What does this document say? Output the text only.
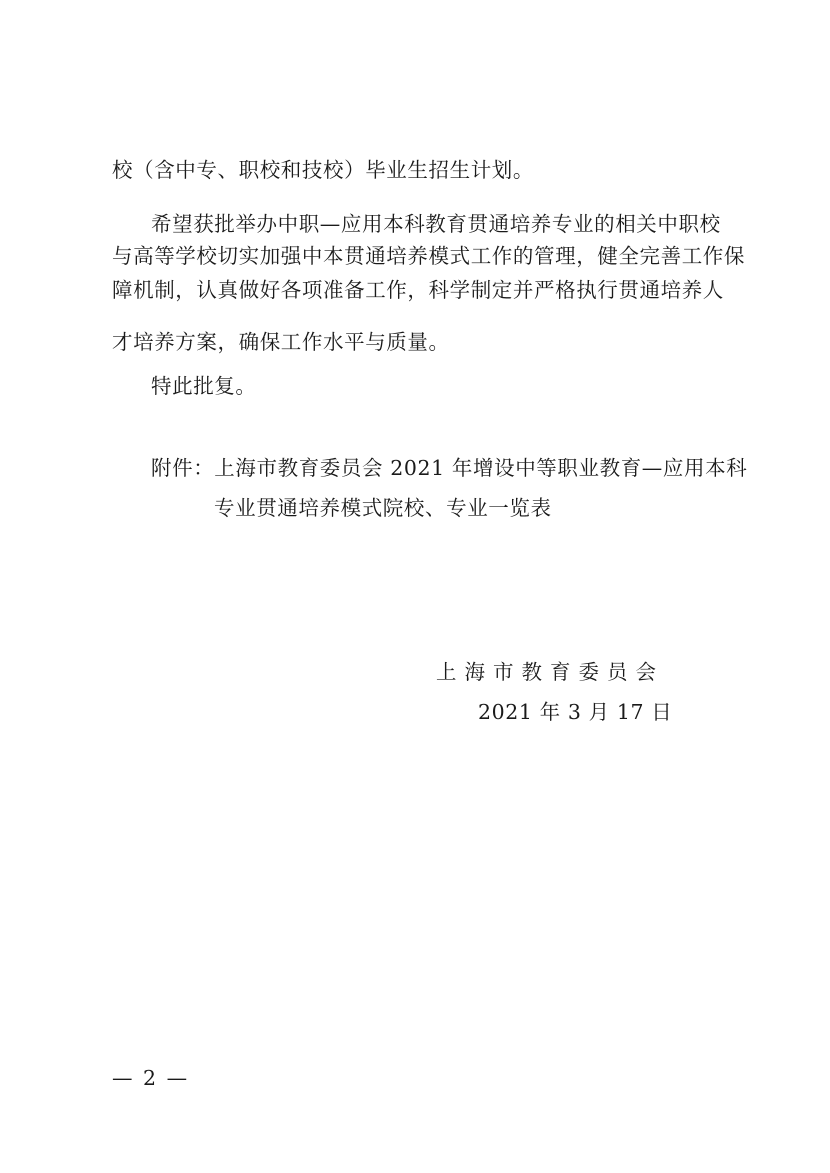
校（含中专、职校和技校）毕业生招生计划。
希望获批举办中职—应用本科教育贯通培养专业的相关中职校
与高等学校切实加强中本贯通培养模式工作的管理，健全完善工作保
障机制，认真做好各项准备工作，科学制定并严格执行贯通培养人
才培养方案，确保工作水平与质量。
特此批复。
附件：上海市教育委员会 2021 年增设中等职业教育—应用本科
专业贯通培养模式院校、专业一览表
上海市教育委员会
2021 年 3 月 17 日
— 2 —
